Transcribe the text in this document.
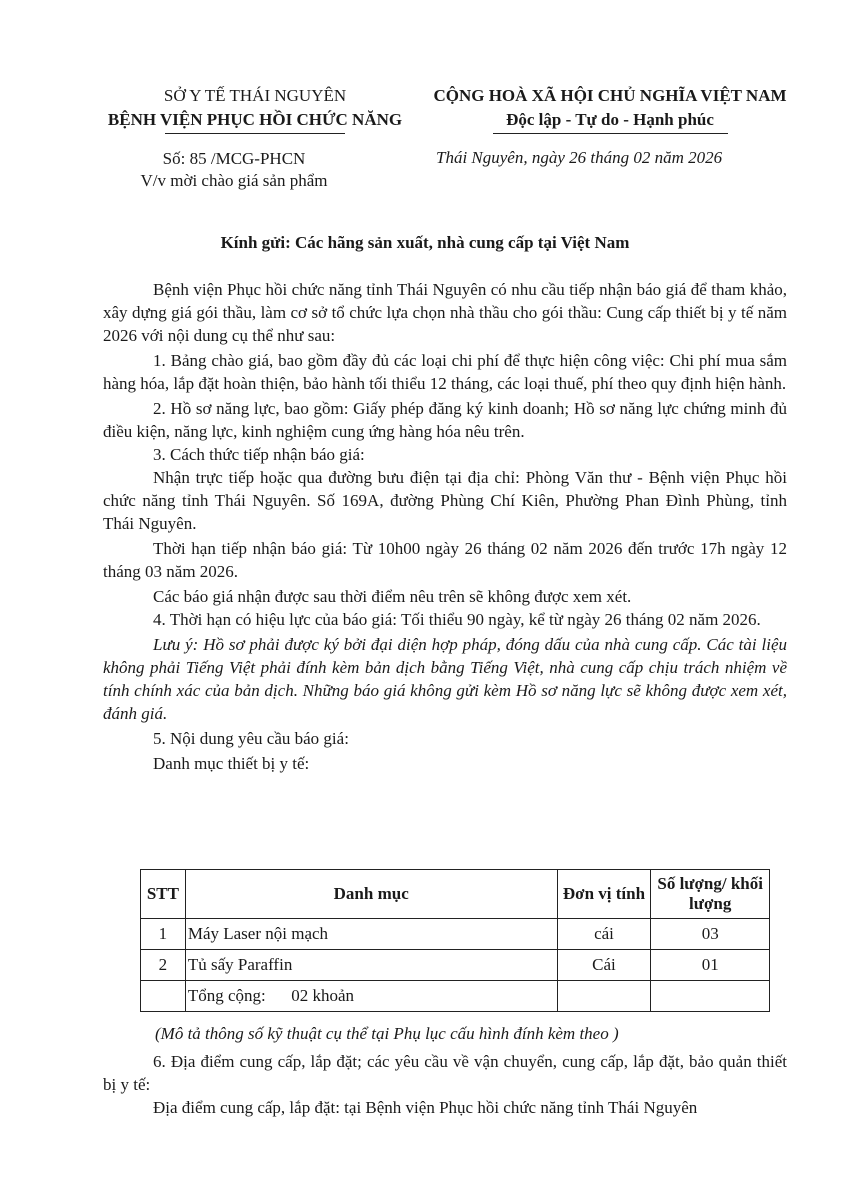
SỞ Y TẾ THÁI NGUYÊN
BỆNH VIỆN PHỤC HỒI CHỨC NĂNG
CỘNG HOÀ XÃ HỘI CHỦ NGHĨA VIỆT NAM
Độc lập - Tự do - Hạnh phúc
Số: 85 /MCG-PHCN
V/v mời chào giá sản phẩm
Thái Nguyên, ngày 26 tháng 02 năm 2026
Kính gửi: Các hãng sản xuất, nhà cung cấp tại Việt Nam

Bệnh viện Phục hồi chức năng tỉnh Thái Nguyên có nhu cầu tiếp nhận báo giá để tham khảo, xây dựng giá gói thầu, làm cơ sở tổ chức lựa chọn nhà thầu cho gói thầu: Cung cấp thiết bị y tế năm 2026 với nội dung cụ thể như sau:

1. Bảng chào giá, bao gồm đầy đủ các loại chi phí để thực hiện công việc: Chi phí mua sắm hàng hóa, lắp đặt hoàn thiện, bảo hành tối thiểu 12 tháng, các loại thuế, phí theo quy định hiện hành.

2. Hồ sơ năng lực, bao gồm: Giấy phép đăng ký kinh doanh; Hồ sơ năng lực chứng minh đủ điều kiện, năng lực, kinh nghiệm cung ứng hàng hóa nêu trên.

3. Cách thức tiếp nhận báo giá:

Nhận trực tiếp hoặc qua đường bưu điện tại địa chỉ: Phòng Văn thư - Bệnh viện Phục hồi chức năng tỉnh Thái Nguyên. Số 169A, đường Phùng Chí Kiên, Phường Phan Đình Phùng, tỉnh Thái Nguyên.

Thời hạn tiếp nhận báo giá: Từ 10h00 ngày 26 tháng 02 năm 2026 đến trước 17h ngày 12 tháng 03 năm 2026.

Các báo giá nhận được sau thời điểm nêu trên sẽ không được xem xét.

4. Thời hạn có hiệu lực của báo giá: Tối thiểu 90 ngày, kể từ ngày 26 tháng 02 năm 2026.

Lưu ý: Hồ sơ phải được ký bởi đại diện hợp pháp, đóng dấu của nhà cung cấp. Các tài liệu không phải Tiếng Việt phải đính kèm bản dịch bằng Tiếng Việt, nhà cung cấp chịu trách nhiệm về tính chính xác của bản dịch. Những báo giá không gửi kèm Hồ sơ năng lực sẽ không được xem xét, đánh giá.

5. Nội dung yêu cầu báo giá:

Danh mục thiết bị y tế:

STT	Danh mục	Đơn vị tính	Số lượng/ khối lượng
1	Máy Laser nội mạch	cái	03
2	Tủ sấy Paraffin	Cái	01
	Tổng cộng:      02 khoản		
(Mô tả thông số kỹ thuật cụ thể tại Phụ lục cấu hình đính kèm theo )

6. Địa điểm cung cấp, lắp đặt; các yêu cầu về vận chuyển, cung cấp, lắp đặt, bảo quản thiết bị y tế:

Địa điểm cung cấp, lắp đặt: tại Bệnh viện Phục hồi chức năng tỉnh Thái Nguyên
